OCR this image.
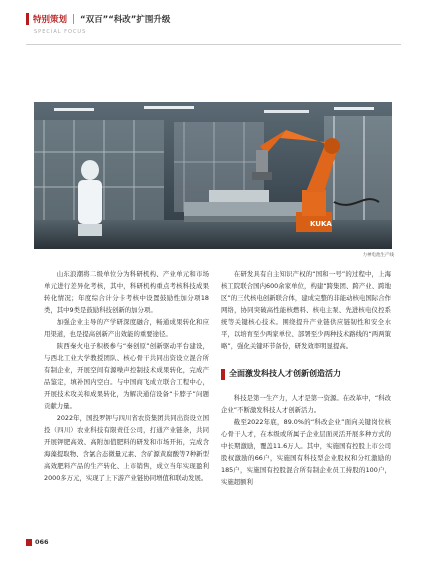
特别策划 “双百”“科改”扩围升级
SPECIAL FOCUS
KUKA
力神电池生产线

山东浪潮将二级单位分为科研机构、产业单元和市场单元进行差异化考核，其中，科研机构重点考核科技成果转化情况；年度综合计分卡考核中设置鼓励性加分项18类，其中9类是鼓励科技创新的加分项。

加强企业主导的产学研深度融合，畅通成果转化和应用渠道，也是提高创新产出效能的重要途径。

陕西秦火电子积极参与“秦创原”创新驱动平台建设，与西北工业大学教授团队、核心骨干共同出资设立混合所有制企业，开展空间有源噪声控制技术成果转化，完成产品鉴定，填补国内空白。与中国商飞成立联合工程中心，开展技术攻关和成果转化，为解决通信设备“卡脖子”问题贡献力量。

2022年，国投罗钾与四川省农资集团共同出资设立国投（四川）农业科技有限责任公司，打通产业链条，共同开展钾肥高效、高附加值肥料的研发和市场开拓，完成含海藻提取物、含氯合态微量元素、含矿源黄腐酸等7种新型高效肥料产品的生产转化、上市销售，成立当年实现盈利2000多万元，实现了上下游产业链协同增值和联动发展。

在研发具有自主知识产权的“国和一号”的过程中，上海核工院联合国内600余家单位，构建“跨集团、跨产业、跨地区”的三代核电创新联合体，建成完整的非能动核电国际合作网络，协同突破高性能核燃料、核电主泵、先进核电仪控系统等关键核心技术。围绕提升产业链供应链韧性和安全水平，以培育至少两家单位、部署至少两种技术路线的“两两策略”，强化关键环节备份，研发效率明显提高。

全面激发科技人才创新创造活力

科技是第一生产力，人才是第一资源。在改革中，“科改企业”不断激发科技人才创新活力。

截至2022年底，89.0%的“科改企业”面向关键岗位核心骨干人才，在本级或所属子企业层面灵活开展多种方式的中长期激励，覆盖11.6万人。其中，实施国有控股上市公司股权激励的66户，实施国有科技型企业股权和分红激励的185户，实施国有控股混合所有制企业员工持股的100户，实施超额利

066
